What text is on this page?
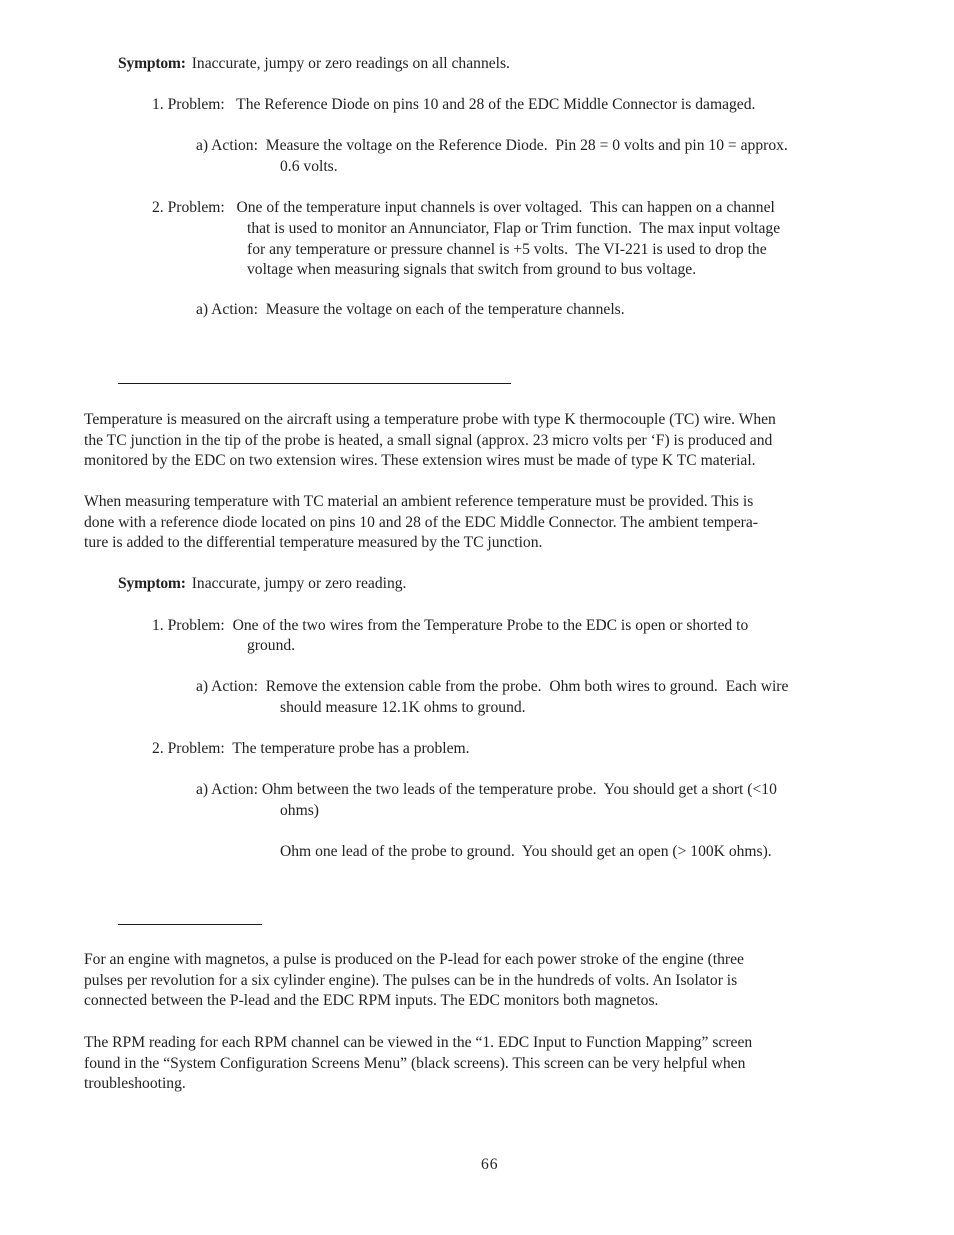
Symptom: Inaccurate, jumpy or zero readings on all channels.
1. Problem:   The Reference Diode on pins 10 and 28 of the EDC Middle Connector is damaged.
a) Action:  Measure the voltage on the Reference Diode.  Pin 28 = 0 volts and pin 10 = approx.
0.6 volts.
2. Problem:   One of the temperature input channels is over voltaged.  This can happen on a channel
that is used to monitor an Annunciator, Flap or Trim function.  The max input voltage
for any temperature or pressure channel is +5 volts.  The VI-221 is used to drop the
voltage when measuring signals that switch from ground to bus voltage.
a) Action:  Measure the voltage on each of the temperature channels.
Temperature is measured on the aircraft using a temperature probe with type K thermocouple (TC) wire. When
the TC junction in the tip of the probe is heated, a small signal (approx. 23 micro volts per ‘F) is produced and
monitored by the EDC on two extension wires. These extension wires must be made of type K TC material.
When measuring temperature with TC material an ambient reference temperature must be provided. This is
done with a reference diode located on pins 10 and 28 of the EDC Middle Connector. The ambient tempera-
ture is added to the differential temperature measured by the TC junction.
Symptom: Inaccurate, jumpy or zero reading.
1. Problem:  One of the two wires from the Temperature Probe to the EDC is open or shorted to
ground.
a) Action:  Remove the extension cable from the probe.  Ohm both wires to ground.  Each wire
should measure 12.1K ohms to ground.
2. Problem:  The temperature probe has a problem.
a) Action: Ohm between the two leads of the temperature probe.  You should get a short (<10
ohms)
Ohm one lead of the probe to ground.  You should get an open (> 100K ohms).
For an engine with magnetos, a pulse is produced on the P-lead for each power stroke of the engine (three
pulses per revolution for a six cylinder engine). The pulses can be in the hundreds of volts. An Isolator is
connected between the P-lead and the EDC RPM inputs. The EDC monitors both magnetos.
The RPM reading for each RPM channel can be viewed in the “1. EDC Input to Function Mapping” screen
found in the “System Configuration Screens Menu” (black screens). This screen can be very helpful when
troubleshooting.
66
